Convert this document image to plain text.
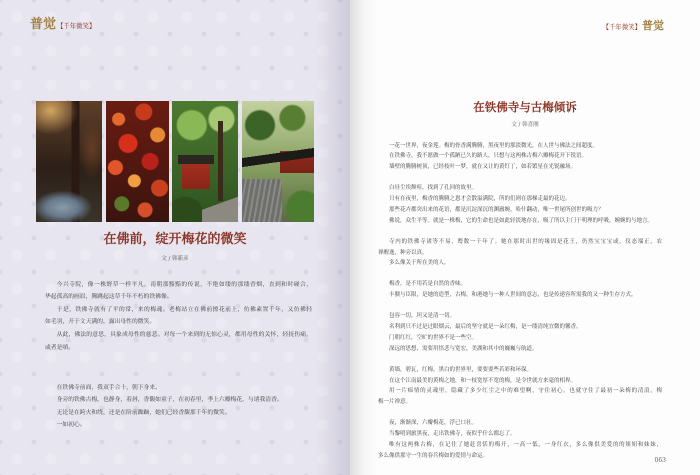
普觉 【千年微笑】
在佛前，绽开梅花的微笑
文 / 韩新彦

今兴寺院，像一株野草一样平凡，南朝那黯黯的传说，不绝如缕的那缕香烟，直到和时碰合，
华起孤高的画眉，腾跳起这草千年不朽的铁佛像。

于是，铁佛寺就有了平的常，来的梅魂。老梅站立在佛前擦花前上，仿佛素置千年，又仿佛轻
如毛羽，开于文天满的，露出母性的微笑。

从此，佛法的意思，具象成母性的慈悲。对每一个来到的无惊心灵，都用母性的关怀，轻抚伤痛，
或者是嗔。

在铁佛寺前面，我双手合十，朝下身来。

身旁的铁佛古梅，也静身，着唇，香馥如童子，在初春里，季上六瓣梅花，与诸我清香。

无论是在跨火和绕，还是在阶前踟蹰，她们已经香馥那千年的微笑。

一如初心。

【千年微笑】 普觉
在铁佛寺与古梅倾诉
文 / 韩喜刚

一花一世界，夜金莲。梅的骨香满腾腾，黑夜里的那淡微光，在人世与佛法之间超度。

在铁佛寺，我不愿做一个孤陋已久的路人，只想与这两株古梅六瓣梅花开下锐语。

墙壁的腾腾树顶，已经枝叶一梦，就在又让的黄钉丁，如若繁星在光锐融场。

白昼尘埃颓喧，找到了孔回的故里。

只有在夜里，梅香的腾腾之恩才会散溢满院，所的们则在那梯走最的花边。

那些花卉都突出来的花语，都是沉淀深沉的渊澈婉。哈什翻动，唯一世尾所创世的吸力？

佛说，众生平等。就是一株梅，它的生命也是如此轻淡地存在，吸了所以主门于明理的呼吸，婉婉的与地言。

寺内的铁佛寺诸等不易，鹜数一千年了。她在那时出世的缘固是花王，仍然宝宝宝或，仪态端正，农
禅醒逸，种旁以真。

多么像关于所在美的人。

梅香，是不用若是自然的香味。

丰腴与臣限，是她的造型，古梅，和港她与一种人世间的意志，也是传递容所需我的又一种生存方式。

包容一切，坦又是清一切。

名利到只不过是过眼烟云，最后的坚守就是一朵红梅，是一缕清纯宜微的馨香。

门朝红红，空旷的世界不是一些空。

深远的思想，需要用悟悲与宽宏，美湖和其中的巍巍与航道。

黄墙，碧瓦，红梅，黑白的世界里，要要要些若彩和环保。

在这个江南最美的黄梅之地，和一枝宽厚不宽的梅，是令世就方来毫的相界。

用一片痴情的灵魂里，隐藏了多少红尘之中的难望啊，守住初心，也就守住了最初一朵梅的清浪，梅
梅一片禅意。

夜，渐渐深，六瓣梅花，浮已口社。

当黎明到旅黑夜，走出铁佛寺，夜似乎什么都忘了。

唯有这两株古梅，在记住了她赶喜恬的梅开，一高一低，一身红衣，多么像供美爱的的姐姐和妹妹，
多么像供那守一生的春兵梅如的爱情与命运。

063
